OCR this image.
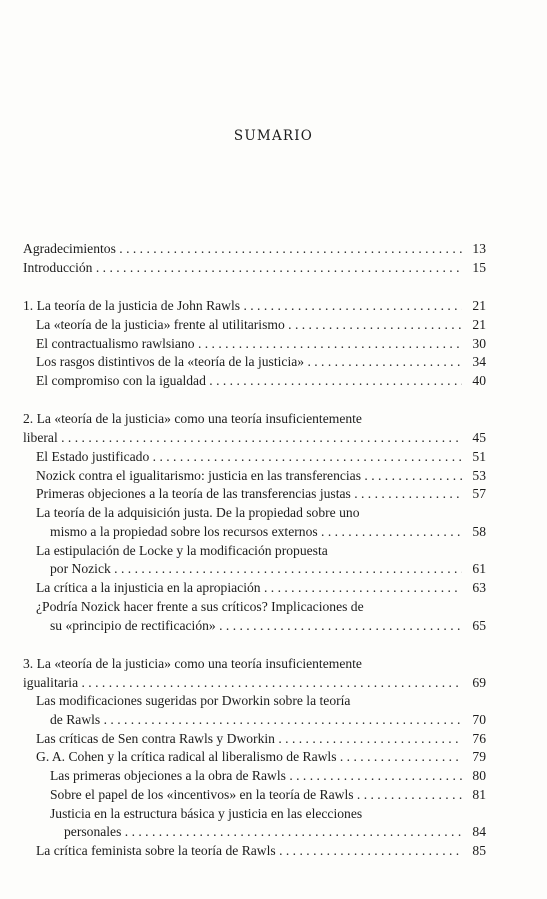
SUMARIO
Agradecimientos . . .	13
Introducción . . .	15
1. La teoría de la justicia de John Rawls . . .	21
La «teoría de la justicia» frente al utilitarismo . . .	21
El contractualismo rawlsiano . . .	30
Los rasgos distintivos de la «teoría de la justicia» . . .	34
El compromiso con la igualdad . . .	40
2. La «teoría de la justicia» como una teoría insuficientemente
liberal . . .	45
El Estado justificado . . .	51
Nozick contra el igualitarismo: justicia en las transferencias . . .	53
Primeras objeciones a la teoría de las transferencias justas . . .	57
La teoría de la adquisición justa. De la propiedad sobre uno
mismo a la propiedad sobre los recursos externos . . .	58
La estipulación de Locke y la modificación propuesta
por Nozick . . .	61
La crítica a la injusticia en la apropiación . . .	63
¿Podría Nozick hacer frente a sus críticos? Implicaciones de
su «principio de rectificación» . . .	65
3. La «teoría de la justicia» como una teoría insuficientemente
igualitaria . . .	69
Las modificaciones sugeridas por Dworkin sobre la teoría
de Rawls . . .	70
Las críticas de Sen contra Rawls y Dworkin . . .	76
G. A. Cohen y la crítica radical al liberalismo de Rawls . . .	79
Las primeras objeciones a la obra de Rawls . . .	80
Sobre el papel de los «incentivos» en la teoría de Rawls . . .	81
Justicia en la estructura básica y justicia en las elecciones
personales . . .	84
La crítica feminista sobre la teoría de Rawls . . .	85
